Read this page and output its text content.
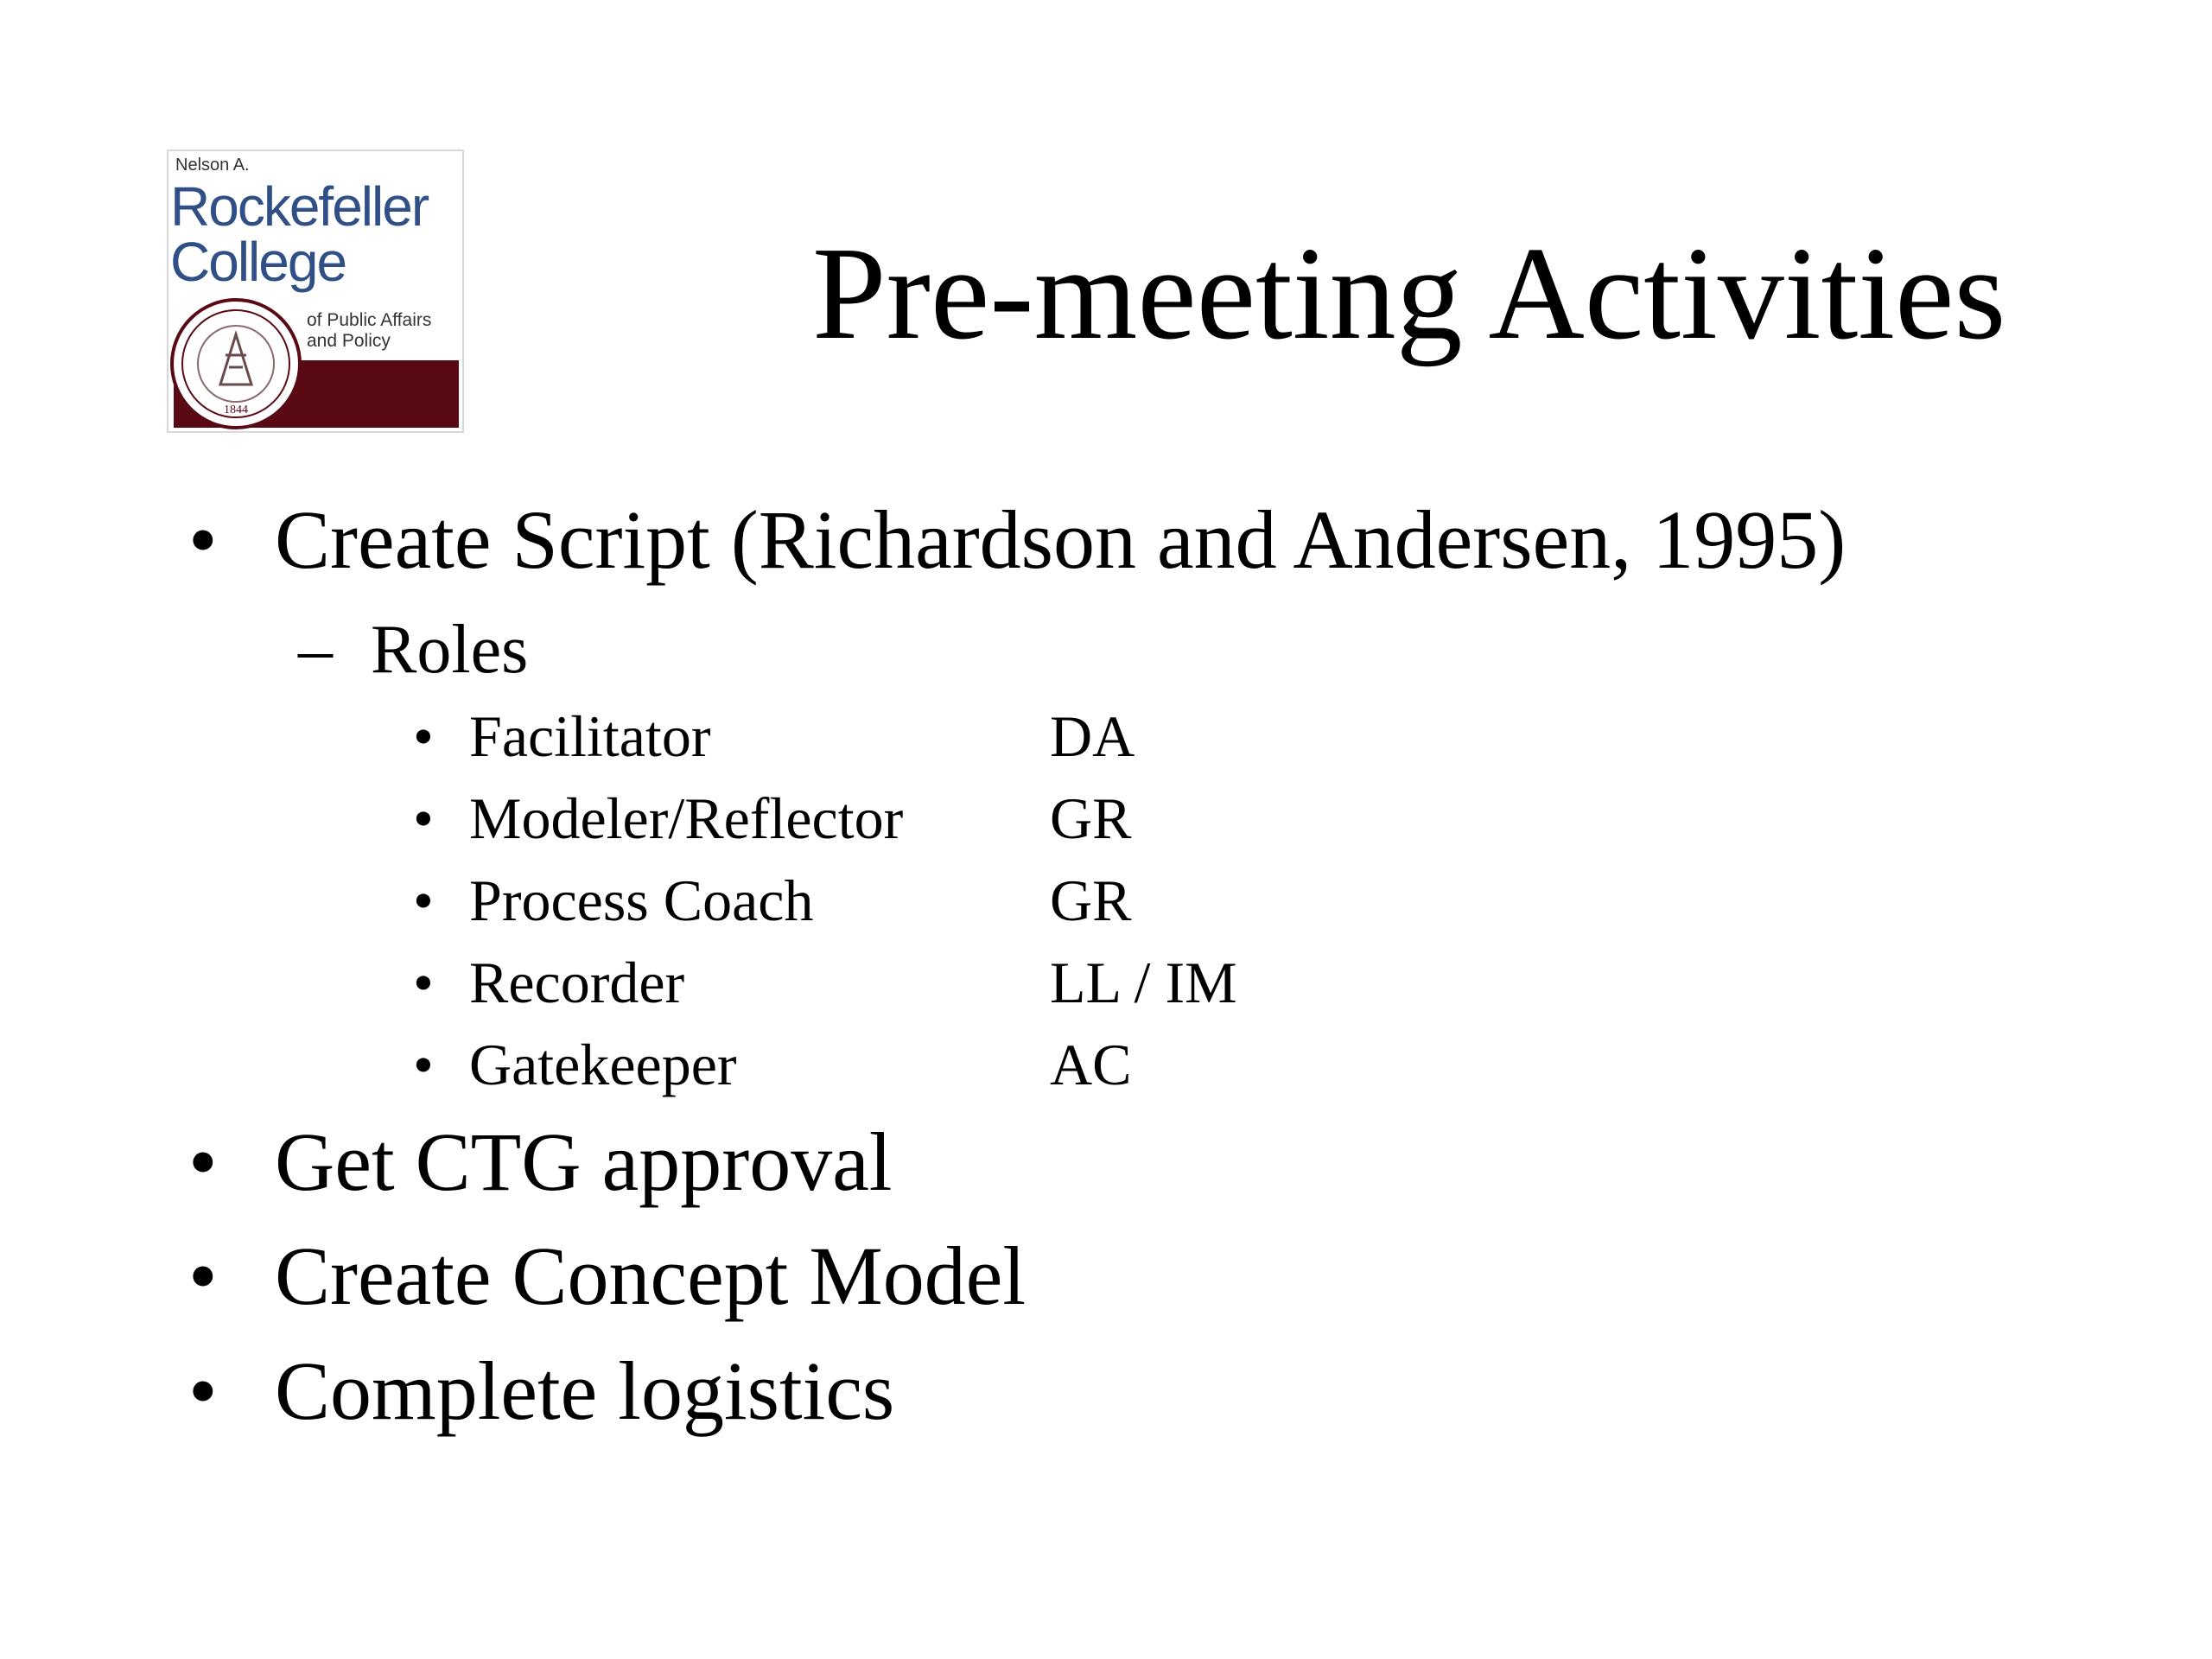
Nelson A.
Rockefeller
College
of Public Affairs
and Policy
1844
Pre-meeting Activities
• Create Script (Richardson and Andersen, 1995)
– Roles
• Facilitator	DA
• Modeler/Reflector GR
• Process Coach	GR
• Recorder	LL / IM
• Gatekeeper	AC
• Get CTG approval
• Create Concept Model
• Complete logistics
